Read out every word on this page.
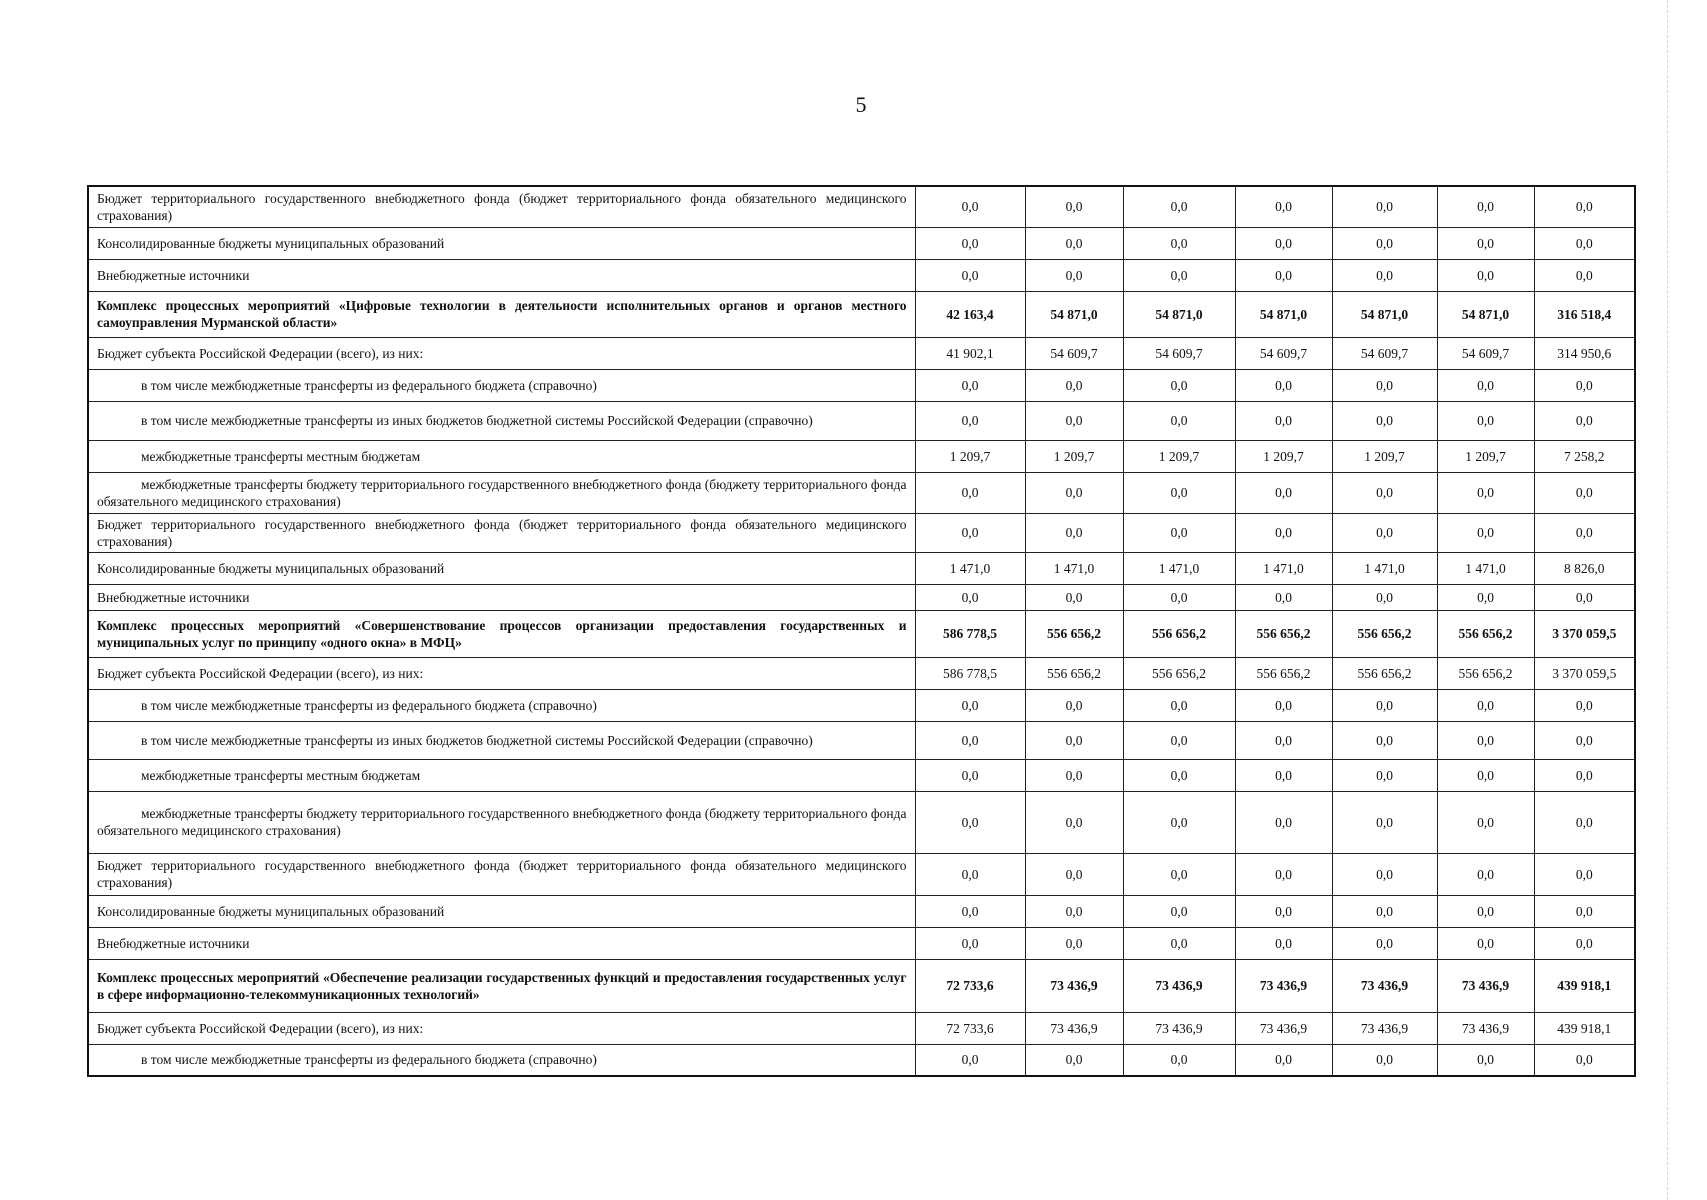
5
Бюджет территориального государственного внебюджетного фонда (бюджет территориального фонда обязательного медицинского страхования)	0,0	0,0	0,0	0,0	0,0	0,0	0,0
Консолидированные бюджеты муниципальных образований	0,0	0,0	0,0	0,0	0,0	0,0	0,0
Внебюджетные источники	0,0	0,0	0,0	0,0	0,0	0,0	0,0
Комплекс процессных мероприятий «Цифровые технологии в деятельности исполнительных органов и органов местного самоуправления Мурманской области»	42 163,4	54 871,0	54 871,0	54 871,0	54 871,0	54 871,0	316 518,4
Бюджет субъекта Российской Федерации (всего), из них:	41 902,1	54 609,7	54 609,7	54 609,7	54 609,7	54 609,7	314 950,6
в том числе межбюджетные трансферты из федерального бюджета (справочно)	0,0	0,0	0,0	0,0	0,0	0,0	0,0
в том числе межбюджетные трансферты из иных бюджетов бюджетной системы Российской Федерации (справочно)	0,0	0,0	0,0	0,0	0,0	0,0	0,0
межбюджетные трансферты местным бюджетам	1 209,7	1 209,7	1 209,7	1 209,7	1 209,7	1 209,7	7 258,2
межбюджетные трансферты бюджету территориального государственного внебюджетного фонда (бюджету территориального фонда обязательного медицинского страхования)	0,0	0,0	0,0	0,0	0,0	0,0	0,0
Бюджет территориального государственного внебюджетного фонда (бюджет территориального фонда обязательного медицинского страхования)	0,0	0,0	0,0	0,0	0,0	0,0	0,0
Консолидированные бюджеты муниципальных образований	1 471,0	1 471,0	1 471,0	1 471,0	1 471,0	1 471,0	8 826,0
Внебюджетные источники	0,0	0,0	0,0	0,0	0,0	0,0	0,0
Комплекс процессных мероприятий «Совершенствование процессов организации предоставления государственных и муниципальных услуг по принципу «одного окна» в МФЦ»	586 778,5	556 656,2	556 656,2	556 656,2	556 656,2	556 656,2	3 370 059,5
Бюджет субъекта Российской Федерации (всего), из них:	586 778,5	556 656,2	556 656,2	556 656,2	556 656,2	556 656,2	3 370 059,5
в том числе межбюджетные трансферты из федерального бюджета (справочно)	0,0	0,0	0,0	0,0	0,0	0,0	0,0
в том числе межбюджетные трансферты из иных бюджетов бюджетной системы Российской Федерации (справочно)	0,0	0,0	0,0	0,0	0,0	0,0	0,0
межбюджетные трансферты местным бюджетам	0,0	0,0	0,0	0,0	0,0	0,0	0,0
межбюджетные трансферты бюджету территориального государственного внебюджетного фонда (бюджету территориального фонда обязательного медицинского страхования)	0,0	0,0	0,0	0,0	0,0	0,0	0,0
Бюджет территориального государственного внебюджетного фонда (бюджет территориального фонда обязательного медицинского страхования)	0,0	0,0	0,0	0,0	0,0	0,0	0,0
Консолидированные бюджеты муниципальных образований	0,0	0,0	0,0	0,0	0,0	0,0	0,0
Внебюджетные источники	0,0	0,0	0,0	0,0	0,0	0,0	0,0
Комплекс процессных мероприятий «Обеспечение реализации государственных функций и предоставления государственных услуг в сфере информационно-телекоммуникационных технологий»	72 733,6	73 436,9	73 436,9	73 436,9	73 436,9	73 436,9	439 918,1
Бюджет субъекта Российской Федерации (всего), из них:	72 733,6	73 436,9	73 436,9	73 436,9	73 436,9	73 436,9	439 918,1
в том числе межбюджетные трансферты из федерального бюджета (справочно)	0,0	0,0	0,0	0,0	0,0	0,0	0,0
